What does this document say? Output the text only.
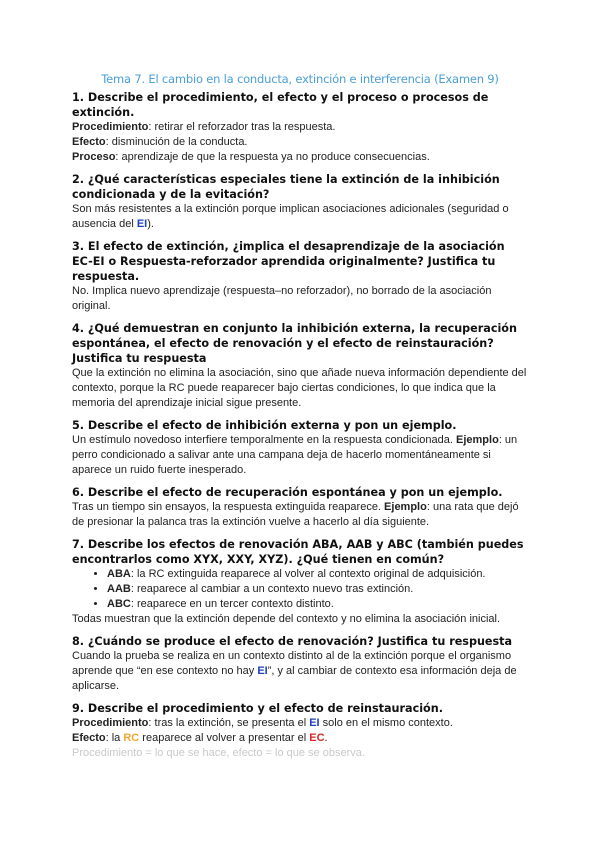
Tema 7. El cambio en la conducta, extinción e interferencia (Examen 9)

1. Describe el procedimiento, el efecto y el proceso o procesos de extinción.

Procedimiento: retirar el reforzador tras la respuesta.

Efecto: disminución de la conducta.

Proceso: aprendizaje de que la respuesta ya no produce consecuencias.

2. ¿Qué características especiales tiene la extinción de la inhibición condicionada y de la evitación?

Son más resistentes a la extinción porque implican asociaciones adicionales (seguridad o ausencia del EI).

3. El efecto de extinción, ¿implica el desaprendizaje de la asociación EC-EI o Respuesta-reforzador aprendida originalmente? Justifica tu respuesta.

No. Implica nuevo aprendizaje (respuesta–no reforzador), no borrado de la asociación original.

4. ¿Qué demuestran en conjunto la inhibición externa, la recuperación espontánea, el efecto de renovación y el efecto de reinstauración? Justifica tu respuesta

Que la extinción no elimina la asociación, sino que añade nueva información dependiente del contexto, porque la RC puede reaparecer bajo ciertas condiciones, lo que indica que la memoria del aprendizaje inicial sigue presente.

5. Describe el efecto de inhibición externa y pon un ejemplo.

Un estímulo novedoso interfiere temporalmente en la respuesta condicionada. Ejemplo: un perro condicionado a salivar ante una campana deja de hacerlo momentáneamente si aparece un ruido fuerte inesperado.

6. Describe el efecto de recuperación espontánea y pon un ejemplo.

Tras un tiempo sin ensayos, la respuesta extinguida reaparece. Ejemplo: una rata que dejó de presionar la palanca tras la extinción vuelve a hacerlo al día siguiente.

7. Describe los efectos de renovación ABA, AAB y ABC (también puedes encontrarlos como XYX, XXY, XYZ). ¿Qué tienen en común?

• ABA: la RC extinguida reaparece al volver al contexto original de adquisición.
• AAB: reaparece al cambiar a un contexto nuevo tras extinción.
• ABC: reaparece en un tercer contexto distinto.

Todas muestran que la extinción depende del contexto y no elimina la asociación inicial.

8. ¿Cuándo se produce el efecto de renovación? Justifica tu respuesta

Cuando la prueba se realiza en un contexto distinto al de la extinción porque el organismo aprende que “en ese contexto no hay EI”, y al cambiar de contexto esa información deja de aplicarse.

9. Describe el procedimiento y el efecto de reinstauración.

Procedimiento: tras la extinción, se presenta el EI solo en el mismo contexto.

Efecto: la RC reaparece al volver a presentar el EC.

Procedimiento = lo que se hace, efecto = lo que se observa.
